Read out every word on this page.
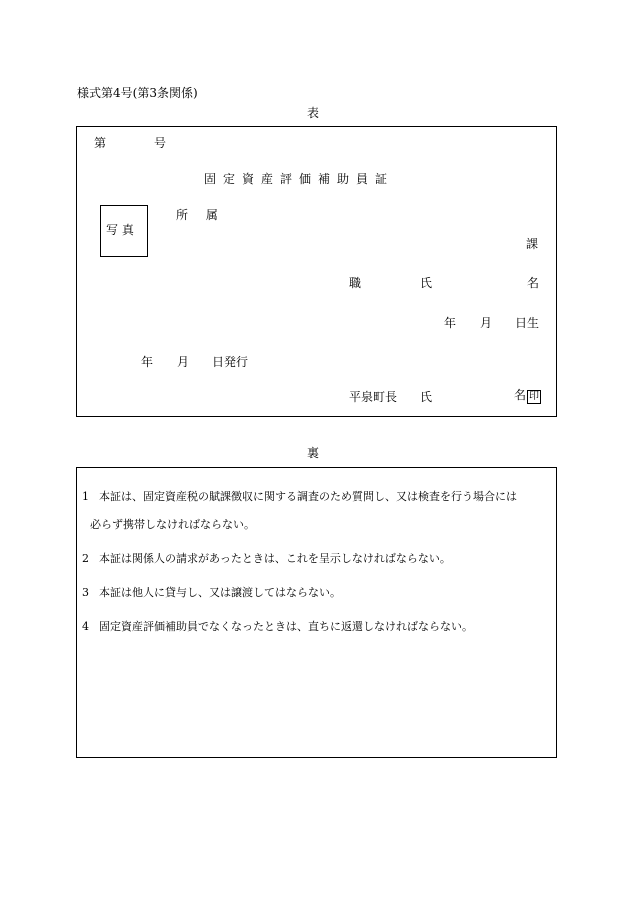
様式第4号(第3条関係)
表
第	号
固定資産評価補助員証
写 真
所 属
課
職	氏	名
年 月 日生
年 月 日発行
平泉町長 氏	名 印
裏
1 本証は、固定資産税の賦課徴収に関する調査のため質問し、又は検査を行う場合には
必らず携帯しなければならない。
2 本証は関係人の請求があったときは、これを呈示しなければならない。
3 本証は他人に貸与し、又は譲渡してはならない。
4 固定資産評価補助員でなくなったときは、直ちに返還しなければならない。
